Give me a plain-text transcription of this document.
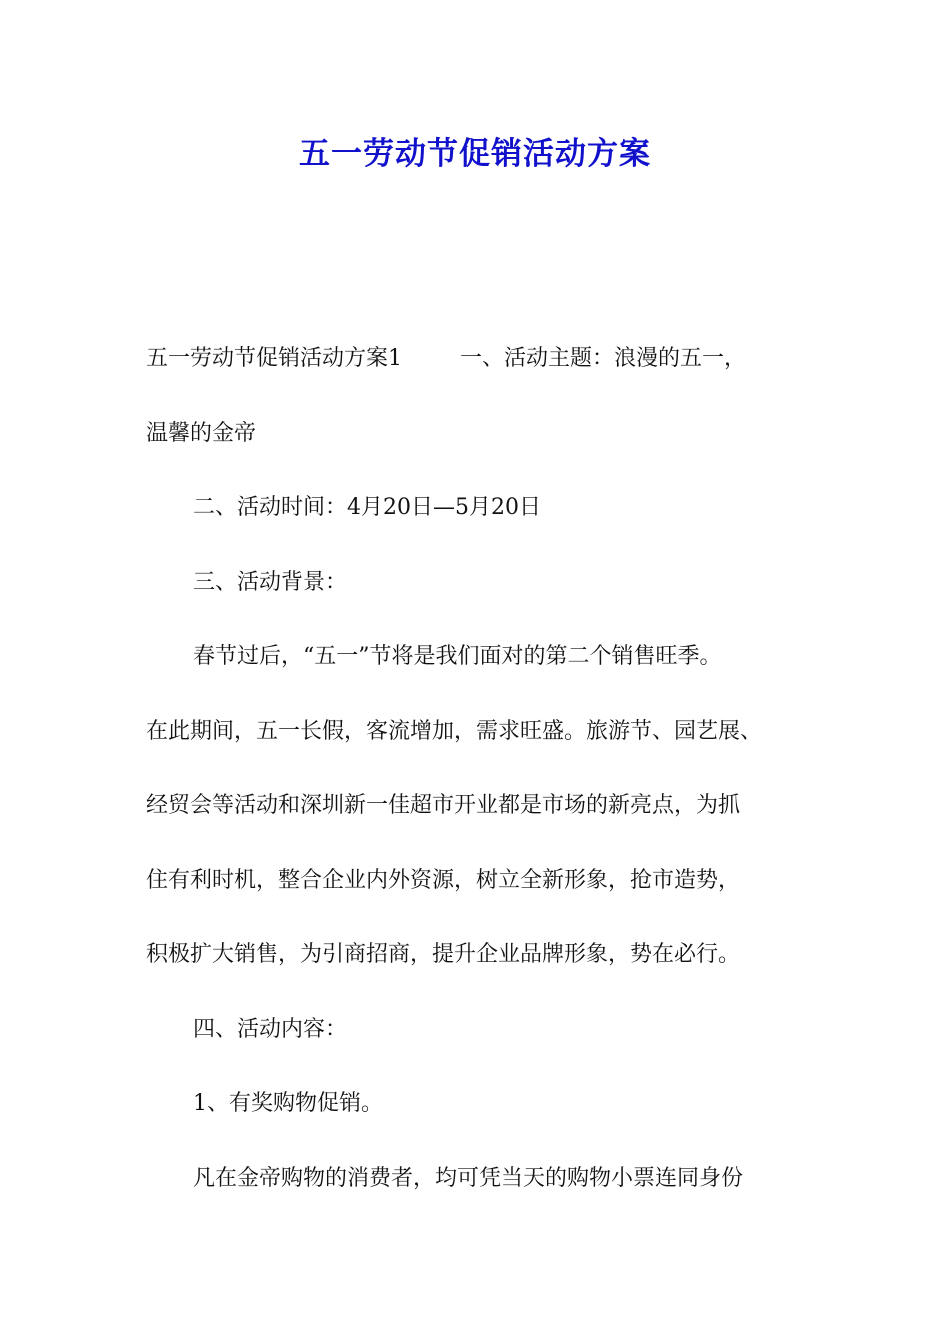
五一劳动节促销活动方案

五一劳动节促销活动方案1	一、活动主题：浪漫的五一，

温馨的金帝

二、活动时间：4月20日—5月20日

三、活动背景：

春节过后，“五一”节将是我们面对的第二个销售旺季。

在此期间，五一长假，客流增加，需求旺盛。旅游节、园艺展、

经贸会等活动和深圳新一佳超市开业都是市场的新亮点，为抓

住有利时机，整合企业内外资源，树立全新形象，抢市造势，

积极扩大销售，为引商招商，提升企业品牌形象，势在必行。

四、活动内容：

1、有奖购物促销。

凡在金帝购物的消费者，均可凭当天的购物小票连同身份
